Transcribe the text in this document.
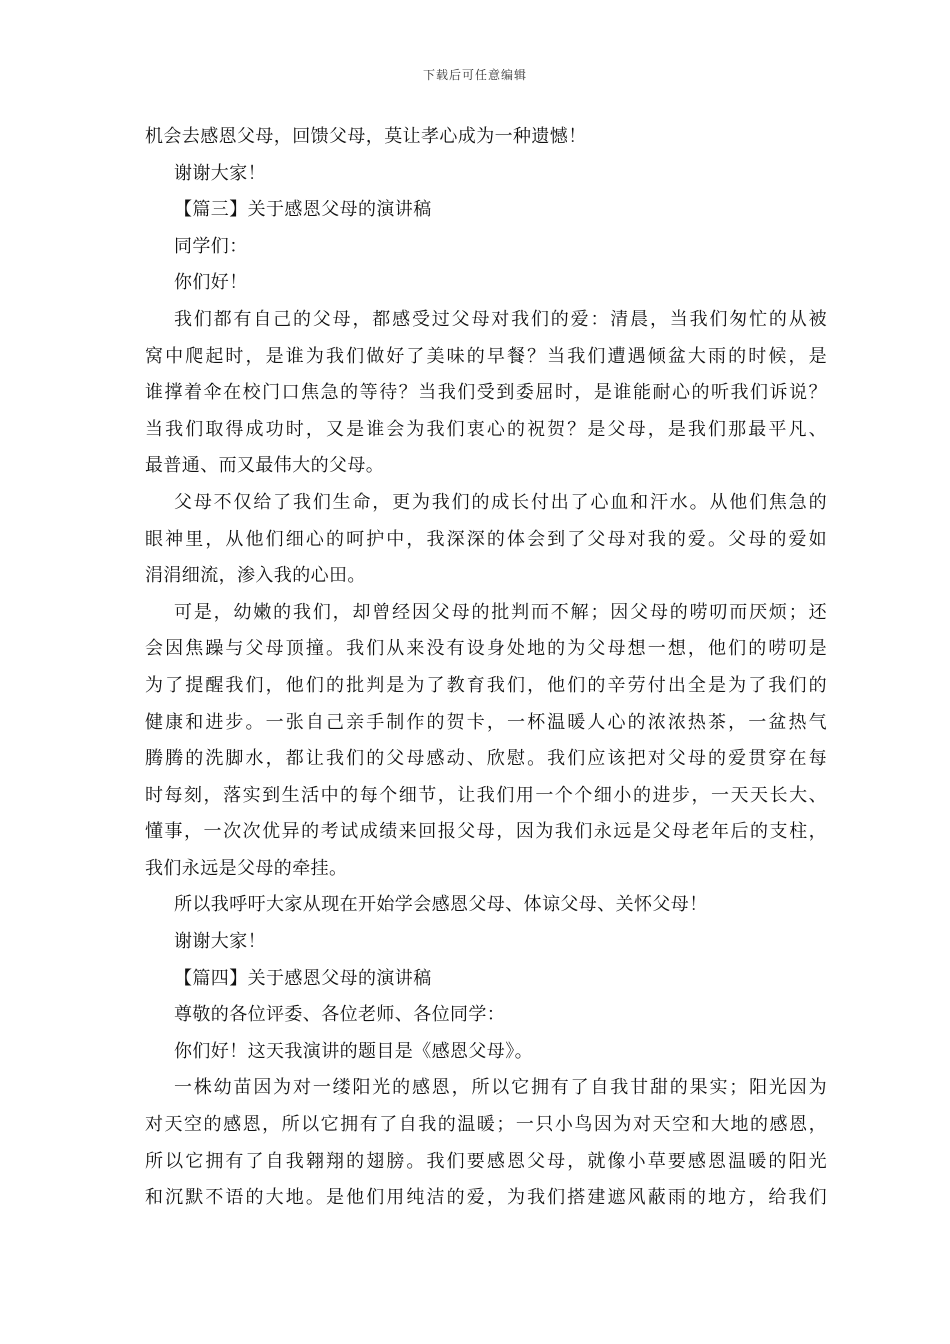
下载后可任意编辑
机会去感恩父母，回馈父母，莫让孝心成为一种遗憾！
谢谢大家！
【篇三】关于感恩父母的演讲稿
同学们：
你们好！
我们都有自己的父母，都感受过父母对我们的爱：清晨，当我们匆忙的从被
窝中爬起时，是谁为我们做好了美味的早餐？当我们遭遇倾盆大雨的时候，是
谁撑着伞在校门口焦急的等待？当我们受到委屈时，是谁能耐心的听我们诉说？
当我们取得成功时，又是谁会为我们衷心的祝贺？是父母，是我们那最平凡、
最普通、而又最伟大的父母。
父母不仅给了我们生命，更为我们的成长付出了心血和汗水。从他们焦急的
眼神里，从他们细心的呵护中，我深深的体会到了父母对我的爱。父母的爱如
涓涓细流，渗入我的心田。
可是，幼嫩的我们，却曾经因父母的批判而不解；因父母的唠叨而厌烦；还
会因焦躁与父母顶撞。我们从来没有设身处地的为父母想一想，他们的唠叨是
为了提醒我们，他们的批判是为了教育我们，他们的辛劳付出全是为了我们的
健康和进步。一张自己亲手制作的贺卡，一杯温暖人心的浓浓热茶，一盆热气
腾腾的洗脚水，都让我们的父母感动、欣慰。我们应该把对父母的爱贯穿在每
时每刻，落实到生活中的每个细节，让我们用一个个细小的进步，一天天长大、
懂事，一次次优异的考试成绩来回报父母，因为我们永远是父母老年后的支柱，
我们永远是父母的牵挂。
所以我呼吁大家从现在开始学会感恩父母、体谅父母、关怀父母！
谢谢大家！
【篇四】关于感恩父母的演讲稿
尊敬的各位评委、各位老师、各位同学：
你们好！这天我演讲的题目是《感恩父母》。
一株幼苗因为对一缕阳光的感恩，所以它拥有了自我甘甜的果实；阳光因为
对天空的感恩，所以它拥有了自我的温暖；一只小鸟因为对天空和大地的感恩，
所以它拥有了自我翱翔的翅膀。我们要感恩父母，就像小草要感恩温暖的阳光
和沉默不语的大地。是他们用纯洁的爱，为我们搭建遮风蔽雨的地方，给我们
